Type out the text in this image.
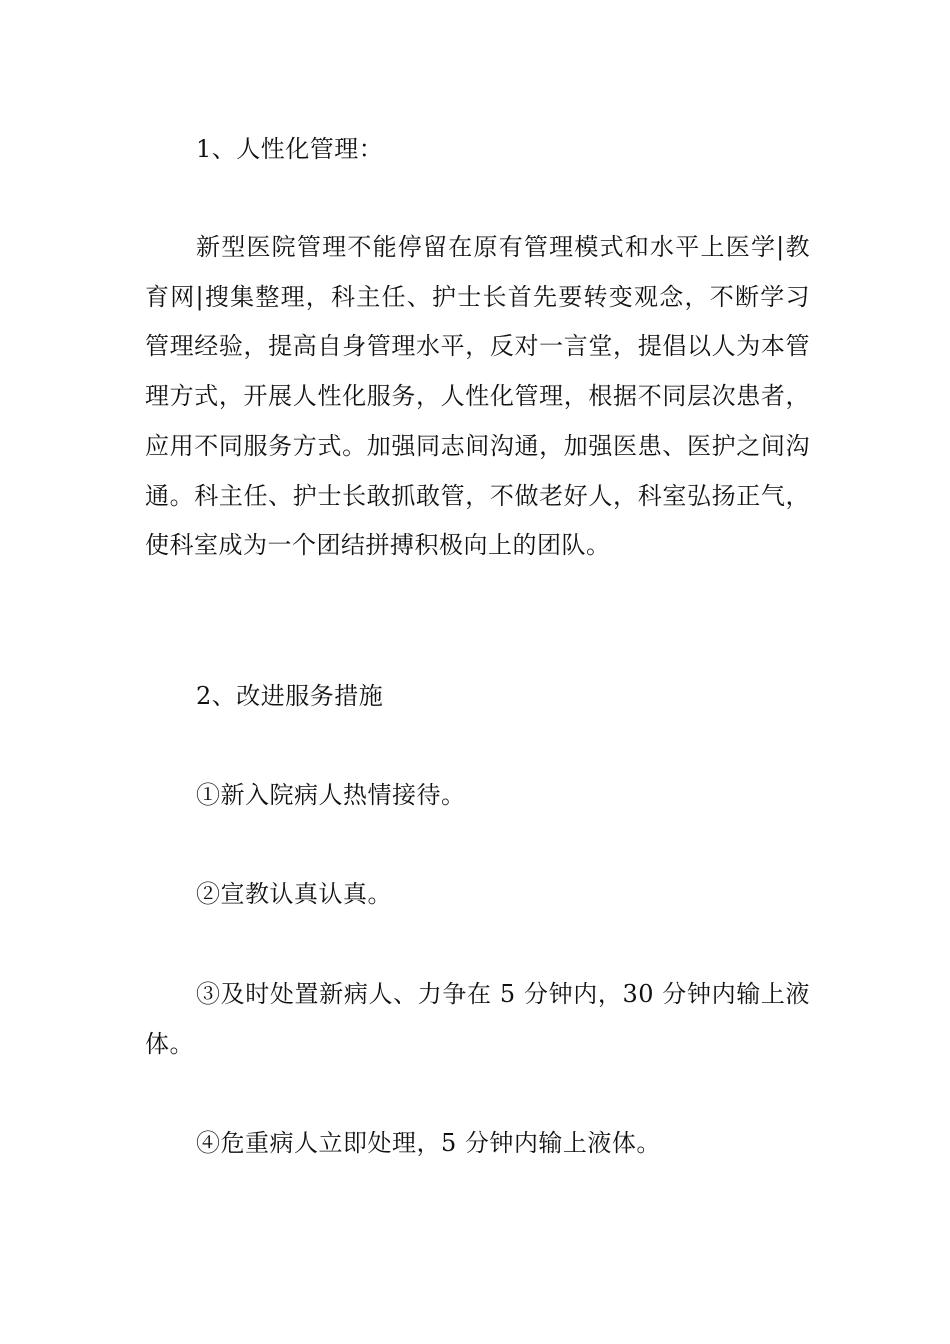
1、人性化管理：

新型医院管理不能停留在原有管理模式和水平上医学|教育网|搜集整理，科主任、护士长首先要转变观念，不断学习管理经验，提高自身管理水平，反对一言堂，提倡以人为本管理方式，开展人性化服务，人性化管理，根据不同层次患者，应用不同服务方式。加强同志间沟通，加强医患、医护之间沟通。科主任、护士长敢抓敢管，不做老好人，科室弘扬正气，使科室成为一个团结拼搏积极向上的团队。

2、改进服务措施

①新入院病人热情接待。

②宣教认真认真。

③及时处置新病人、力争在 5 分钟内，30 分钟内输上液体。

④危重病人立即处理，5 分钟内输上液体。
